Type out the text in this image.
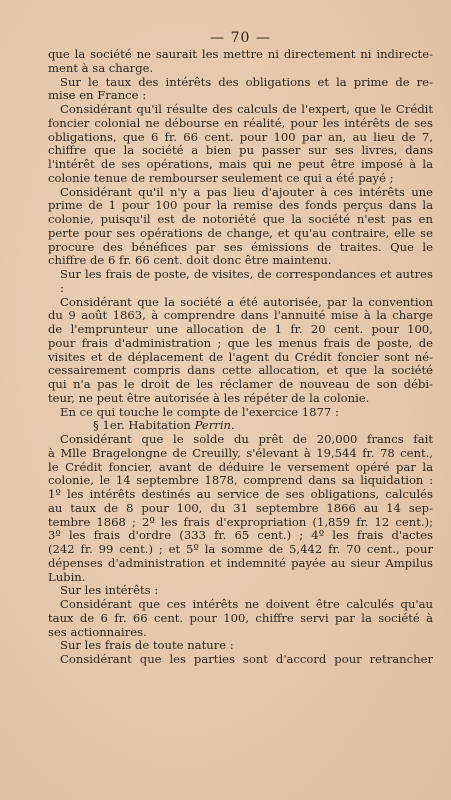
— 70 —
que la société ne saurait les mettre ni directement ni indirecte-
ment à sa charge.
Sur le taux des intérêts des obligations et la prime de re-
mise en France :
Considérant qu'il résulte des calculs de l'expert, que le Crédit
foncier colonial ne débourse en réalité, pour les intérêts de ses
obligations, que 6 fr. 66 cent. pour 100 par an, au lieu de 7,
chiffre que la société a bien pu passer sur ses livres, dans
l'intérêt de ses opérations, mais qui ne peut être imposé à la
colonie tenue de rembourser seulement ce qui a été payé ;
Considérant qu'il n'y a pas lieu d'ajouter à ces intérêts une
prime de 1 pour 100 pour la remise des fonds perçus dans la
colonie, puisqu'il est de notoriété que la société n'est pas en
perte pour ses opérations de change, et qu'au contraire, elle se
procure des bénéfices par ses émissions de traites. Que le
chiffre de 6 fr. 66 cent. doit donc être maintenu.
Sur les frais de poste, de visites, de correspondances et autres :
Considérant que la société a été autorisée, par la convention
du 9 août 1863, à comprendre dans l'annuité mise à la charge
de l'emprunteur une allocation de 1 fr. 20 cent. pour 100,
pour frais d'administration ; que les menus frais de poste, de
visites et de déplacement de l'agent du Crédit foncier sont né-
cessairement compris dans cette allocation, et que la société
qui n'a pas le droit de les réclamer de nouveau de son débi-
teur, ne peut être autorisée à les répéter de la colonie.
En ce qui touche le compte de l'exercice 1877 :
§ 1er. Habitation Perrin.
Considérant que le solde du prêt de 20,000 francs fait
à Mlle Bragelongne de Creuilly, s'élevant à 19,544 fr. 78 cent.,
le Crédit foncier, avant de déduire le versement opéré par la
colonie, le 14 septembre 1878, comprend dans sa liquidation :
1º les intérêts destinés au service de ses obligations, calculés
au taux de 8 pour 100, du 31 septembre 1866 au 14 sep-
tembre 1868 ; 2º les frais d'expropriation (1,859 fr. 12 cent.);
3º les frais d'ordre (333 fr. 65 cent.) ; 4º les frais d'actes
(242 fr. 99 cent.) ; et 5º la somme de 5,442 fr. 70 cent., pour
dépenses d'administration et indemnité payée au sieur Ampilus
Lubin.
Sur les intérêts :
Considérant que ces intérêts ne doivent être calculés qu'au
taux de 6 fr. 66 cent. pour 100, chiffre servi par la société à
ses actionnaires.
Sur les frais de toute nature :
Considérant que les parties sont d'accord pour retrancher
